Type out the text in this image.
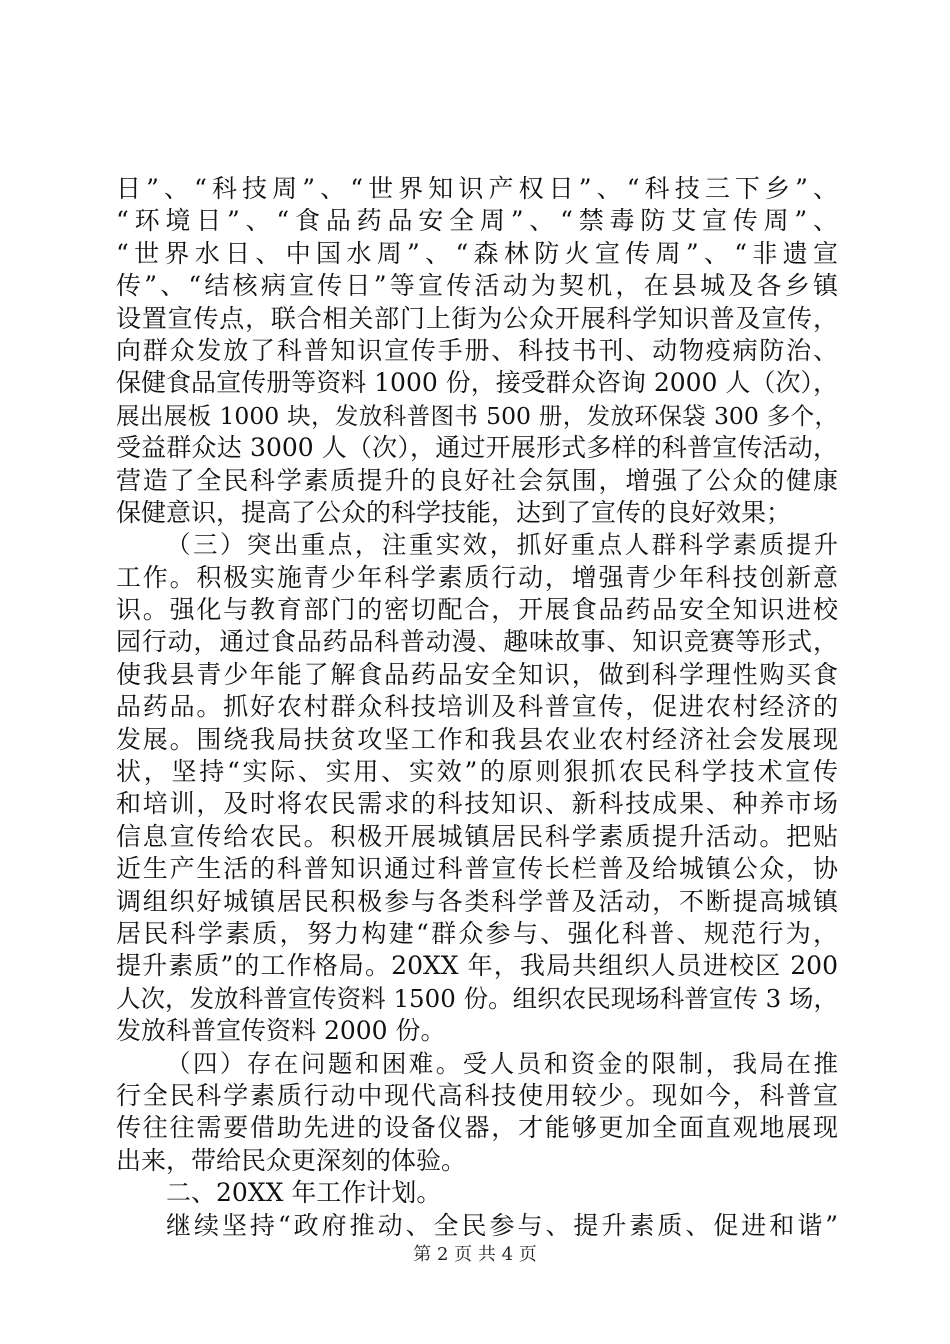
日”、“科技周”、“世界知识产权日”、“科技三下乡”、
“环境日”、“食品药品安全周”、“禁毒防艾宣传周”、
“世界水日、中国水周”、“森林防火宣传周”、“非遗宣
传”、“结核病宣传日”等宣传活动为契机，在县城及各乡镇
设置宣传点，联合相关部门上街为公众开展科学知识普及宣传，
向群众发放了科普知识宣传手册、科技书刊、动物疫病防治、
保健食品宣传册等资料 1000 份，接受群众咨询 2000 人（次），
展出展板 1000 块，发放科普图书 500 册，发放环保袋 300 多个，
受益群众达 3000 人（次），通过开展形式多样的科普宣传活动，
营造了全民科学素质提升的良好社会氛围，增强了公众的健康
保健意识，提高了公众的科学技能，达到了宣传的良好效果；
（三）突出重点，注重实效，抓好重点人群科学素质提升
工作。积极实施青少年科学素质行动，增强青少年科技创新意
识。强化与教育部门的密切配合，开展食品药品安全知识进校
园行动，通过食品药品科普动漫、趣味故事、知识竞赛等形式，
使我县青少年能了解食品药品安全知识，做到科学理性购买食
品药品。抓好农村群众科技培训及科普宣传，促进农村经济的
发展。围绕我局扶贫攻坚工作和我县农业农村经济社会发展现
状，坚持“实际、实用、实效”的原则狠抓农民科学技术宣传
和培训，及时将农民需求的科技知识、新科技成果、种养市场
信息宣传给农民。积极开展城镇居民科学素质提升活动。把贴
近生产生活的科普知识通过科普宣传长栏普及给城镇公众，协
调组织好城镇居民积极参与各类科学普及活动，不断提高城镇
居民科学素质，努力构建“群众参与、强化科普、规范行为，
提升素质”的工作格局。20XX 年，我局共组织人员进校区 200
人次，发放科普宣传资料 1500 份。组织农民现场科普宣传 3 场，
发放科普宣传资料 2000 份。
（四）存在问题和困难。受人员和资金的限制，我局在推
行全民科学素质行动中现代高科技使用较少。现如今，科普宣
传往往需要借助先进的设备仪器，才能够更加全面直观地展现
出来，带给民众更深刻的体验。
二、20XX 年工作计划。
继续坚持“政府推动、全民参与、提升素质、促进和谐”
第 2 页 共 4 页
